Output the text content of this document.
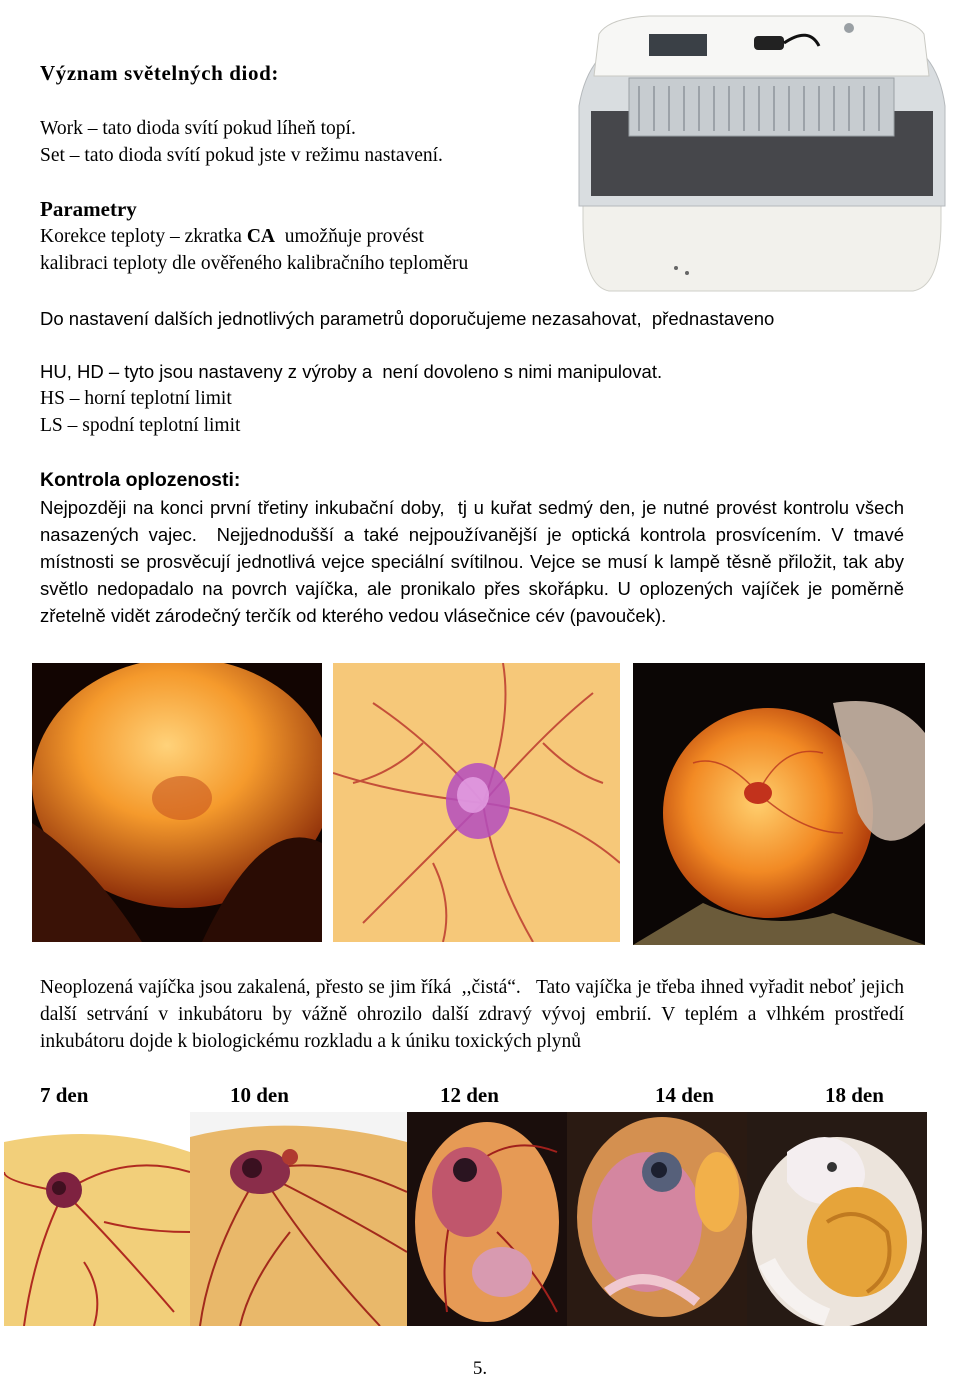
Význam světelných diod:

Work – tato dioda svítí pokud líheň topí.

Set – tato dioda svítí pokud jste v režimu nastavení.

Parametry

Korekce teploty – zkratka CA  umožňuje provést

kalibraci teploty dle ověřeného kalibračního teploměru

Do nastavení dalších jednotlivých parametrů doporučujeme nezasahovat,  přednastaveno

HU, HD – tyto jsou nastaveny z výroby a  není dovoleno s nimi manipulovat.

HS – horní teplotní limit

LS – spodní teplotní limit

Kontrola oplozenosti:

Nejpozději na konci první třetiny inkubační doby,  tj u kuřat sedmý den, je nutné provést kontrolu všech nasazených vajec.  Nejjednodušší a také nejpoužívanější je optická kontrola prosvícením. V tmavé místnosti se prosvěcují jednotlivá vejce speciální svítilnou. Vejce se musí k lampě těsně přiložit, tak aby světlo nedopadalo na povrch vajíčka, ale pronikalo přes skořápku. U oplozených vajíček je poměrně zřetelně vidět zárodečný terčík od kterého vedou vlásečnice cév (pavouček).

Neoplozená vajíčka jsou zakalená, přesto se jim říká  ,,čistá“.   Tato vajíčka je třeba ihned vyřadit neboť jejich další setrvání v inkubátoru by vážně ohrozilo další zdravý vývoj embrií. V teplém a vlhkém prostředí inkubátoru dojde k biologickému rozkladu a k úniku toxických plynů

7 den	10 den	12 den	14 den	18 den
5.
